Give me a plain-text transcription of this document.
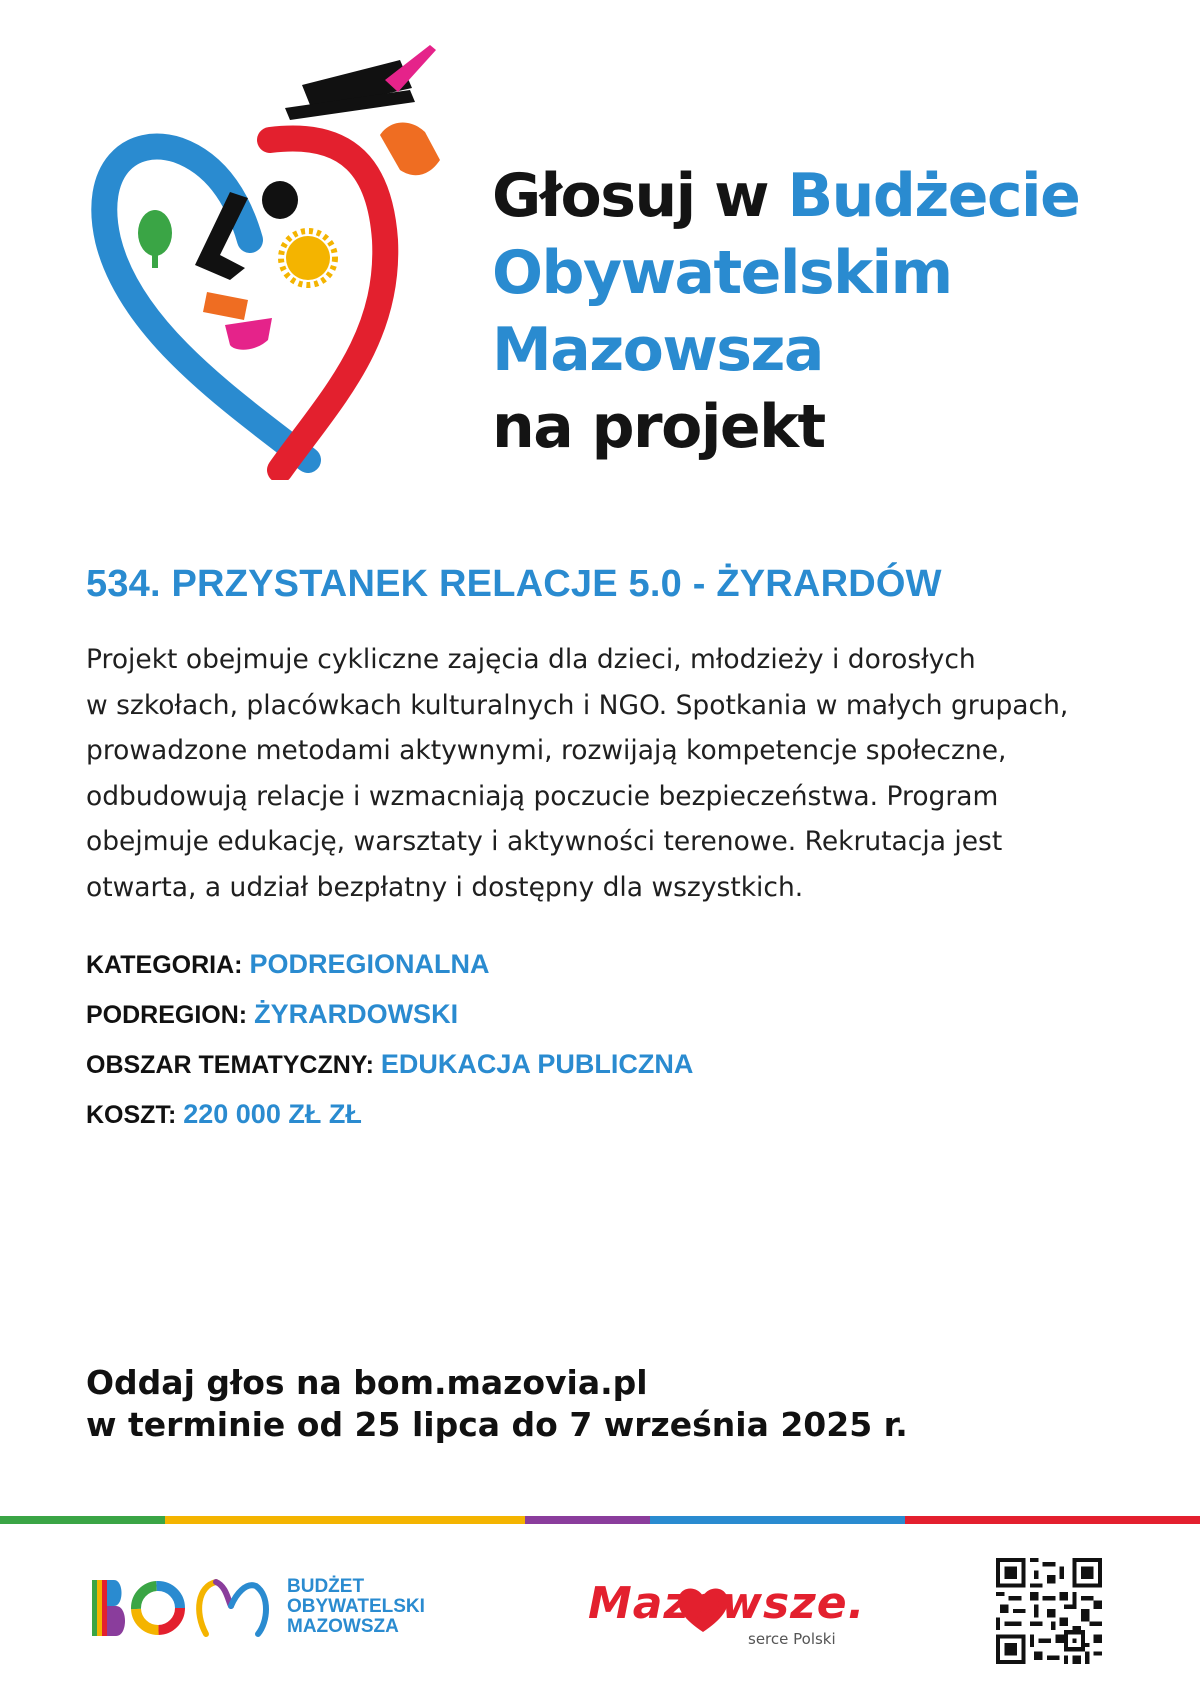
Głosuj w Budżecie
Obywatelskim
Mazowsza
na projekt
534. PRZYSTANEK RELACJE 5.0 - ŻYRARDÓW

Projekt obejmuje cykliczne zajęcia dla dzieci, młodzieży i dorosłych
w szkołach, placówkach kulturalnych i NGO. Spotkania w małych grupach,
prowadzone metodami aktywnymi, rozwijają kompetencje społeczne,
odbudowują relacje i wzmacniają poczucie bezpieczeństwa. Program
obejmuje edukację, warsztaty i aktywności terenowe. Rekrutacja jest
otwarta, a udział bezpłatny i dostępny dla wszystkich.

KATEGORIA: PODREGIONALNA
PODREGION: ŻYRARDOWSKI
OBSZAR TEMATYCZNY: EDUKACJA PUBLICZNA
KOSZT: 220 000 ZŁ ZŁ

Oddaj głos na bom.mazovia.pl
w terminie od 25 lipca do 7 września 2025 r.

BUDŻET
OBYWATELSKI
MAZOWSZA	Mazowsze.

serce Polski
